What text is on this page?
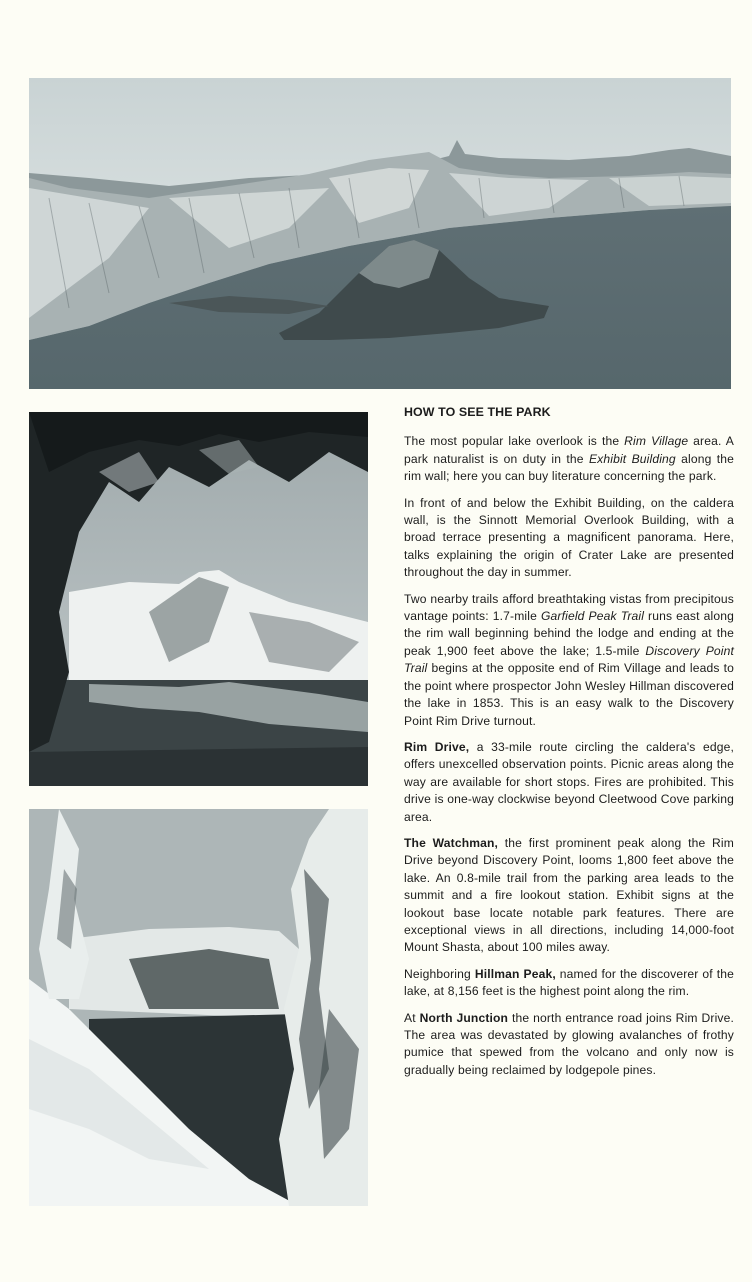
HOW TO SEE THE PARK

The most popular lake overlook is the Rim Village area. A park naturalist is on duty in the Exhibit Building along the rim wall; here you can buy literature concerning the park.

In front of and below the Exhibit Building, on the caldera wall, is the Sinnott Memorial Overlook Building, with a broad terrace presenting a magnificent panorama. Here, talks explaining the origin of Crater Lake are presented throughout the day in summer.

Two nearby trails afford breathtaking vistas from precipitous vantage points: 1.7-mile Garfield Peak Trail runs east along the rim wall beginning behind the lodge and ending at the peak 1,900 feet above the lake; 1.5-mile Discovery Point Trail begins at the opposite end of Rim Village and leads to the point where prospector John Wesley Hillman discovered the lake in 1853. This is an easy walk to the Discovery Point Rim Drive turnout.

Rim Drive, a 33-mile route circling the caldera's edge, offers unexcelled observation points. Picnic areas along the way are available for short stops. Fires are prohibited. This drive is one-way clockwise beyond Cleetwood Cove parking area.

The Watchman, the first prominent peak along the Rim Drive beyond Discovery Point, looms 1,800 feet above the lake. An 0.8-mile trail from the parking area leads to the summit and a fire lookout station. Exhibit signs at the lookout base locate notable park features. There are exceptional views in all directions, including 14,000-foot Mount Shasta, about 100 miles away.

Neighboring Hillman Peak, named for the discoverer of the lake, at 8,156 feet is the highest point along the rim.

At North Junction the north entrance road joins Rim Drive. The area was devastated by glowing avalanches of frothy pumice that spewed from the volcano and only now is gradually being reclaimed by lodgepole pines.
